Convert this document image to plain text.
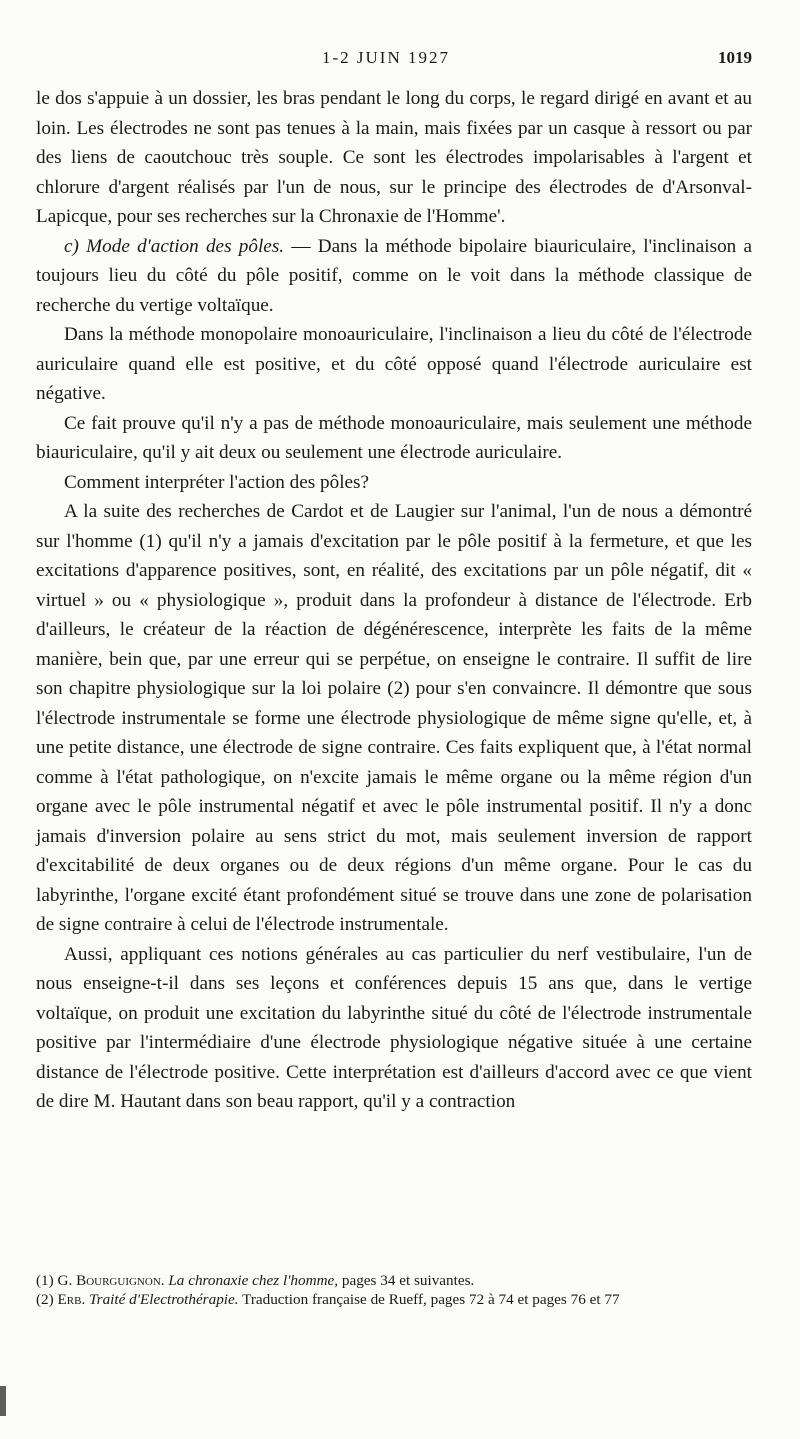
1-2 JUIN 1927	1019

le dos s'appuie à un dossier, les bras pendant le long du corps, le regard dirigé en avant et au loin. Les électrodes ne sont pas tenues à la main, mais fixées par un casque à ressort ou par des liens de caoutchouc très souple. Ce sont les électrodes impolarisables à l'argent et chlorure d'argent réalisés par l'un de nous, sur le principe des électrodes de d'Arsonval-Lapicque, pour ses recherches sur la Chronaxie de l'Homme'.

c) Mode d'action des pôles. — Dans la méthode bipolaire biauriculaire, l'inclinaison a toujours lieu du côté du pôle positif, comme on le voit dans la méthode classique de recherche du vertige voltaïque.

Dans la méthode monopolaire monoauriculaire, l'inclinaison a lieu du côté de l'électrode auriculaire quand elle est positive, et du côté opposé quand l'électrode auriculaire est négative.

Ce fait prouve qu'il n'y a pas de méthode monoauriculaire, mais seulement une méthode biauriculaire, qu'il y ait deux ou seulement une électrode auriculaire.

Comment interpréter l'action des pôles?

A la suite des recherches de Cardot et de Laugier sur l'animal, l'un de nous a démontré sur l'homme (1) qu'il n'y a jamais d'excitation par le pôle positif à la fermeture, et que les excitations d'apparence positives, sont, en réalité, des excitations par un pôle négatif, dit « virtuel » ou « physiologique », produit dans la profondeur à distance de l'électrode. Erb d'ailleurs, le créateur de la réaction de dégénérescence, interprète les faits de la même manière, bein que, par une erreur qui se perpétue, on enseigne le contraire. Il suffit de lire son chapitre physiologique sur la loi polaire (2) pour s'en convaincre. Il démontre que sous l'électrode instrumentale se forme une électrode physiologique de même signe qu'elle, et, à une petite distance, une électrode de signe contraire. Ces faits expliquent que, à l'état normal comme à l'état pathologique, on n'excite jamais le même organe ou la même région d'un organe avec le pôle instrumental négatif et avec le pôle instrumental positif. Il n'y a donc jamais d'inversion polaire au sens strict du mot, mais seulement inversion de rapport d'excitabilité de deux organes ou de deux régions d'un même organe. Pour le cas du labyrinthe, l'organe excité étant profondément situé se trouve dans une zone de polarisation de signe contraire à celui de l'électrode instrumentale.

Aussi, appliquant ces notions générales au cas particulier du nerf vestibulaire, l'un de nous enseigne-t-il dans ses leçons et conférences depuis 15 ans que, dans le vertige voltaïque, on produit une excitation du labyrinthe situé du côté de l'électrode instrumentale positive par l'intermédiaire d'une électrode physiologique négative située à une certaine distance de l'électrode positive. Cette interprétation est d'ailleurs d'accord avec ce que vient de dire M. Hautant dans son beau rapport, qu'il y a contraction

(1) G. Bourguignon. La chronaxie chez l'homme, pages 34 et suivantes.

(2) Erb. Traité d'Electrothérapie. Traduction française de Rueff, pages 72 à 74 et pages 76 et 77
